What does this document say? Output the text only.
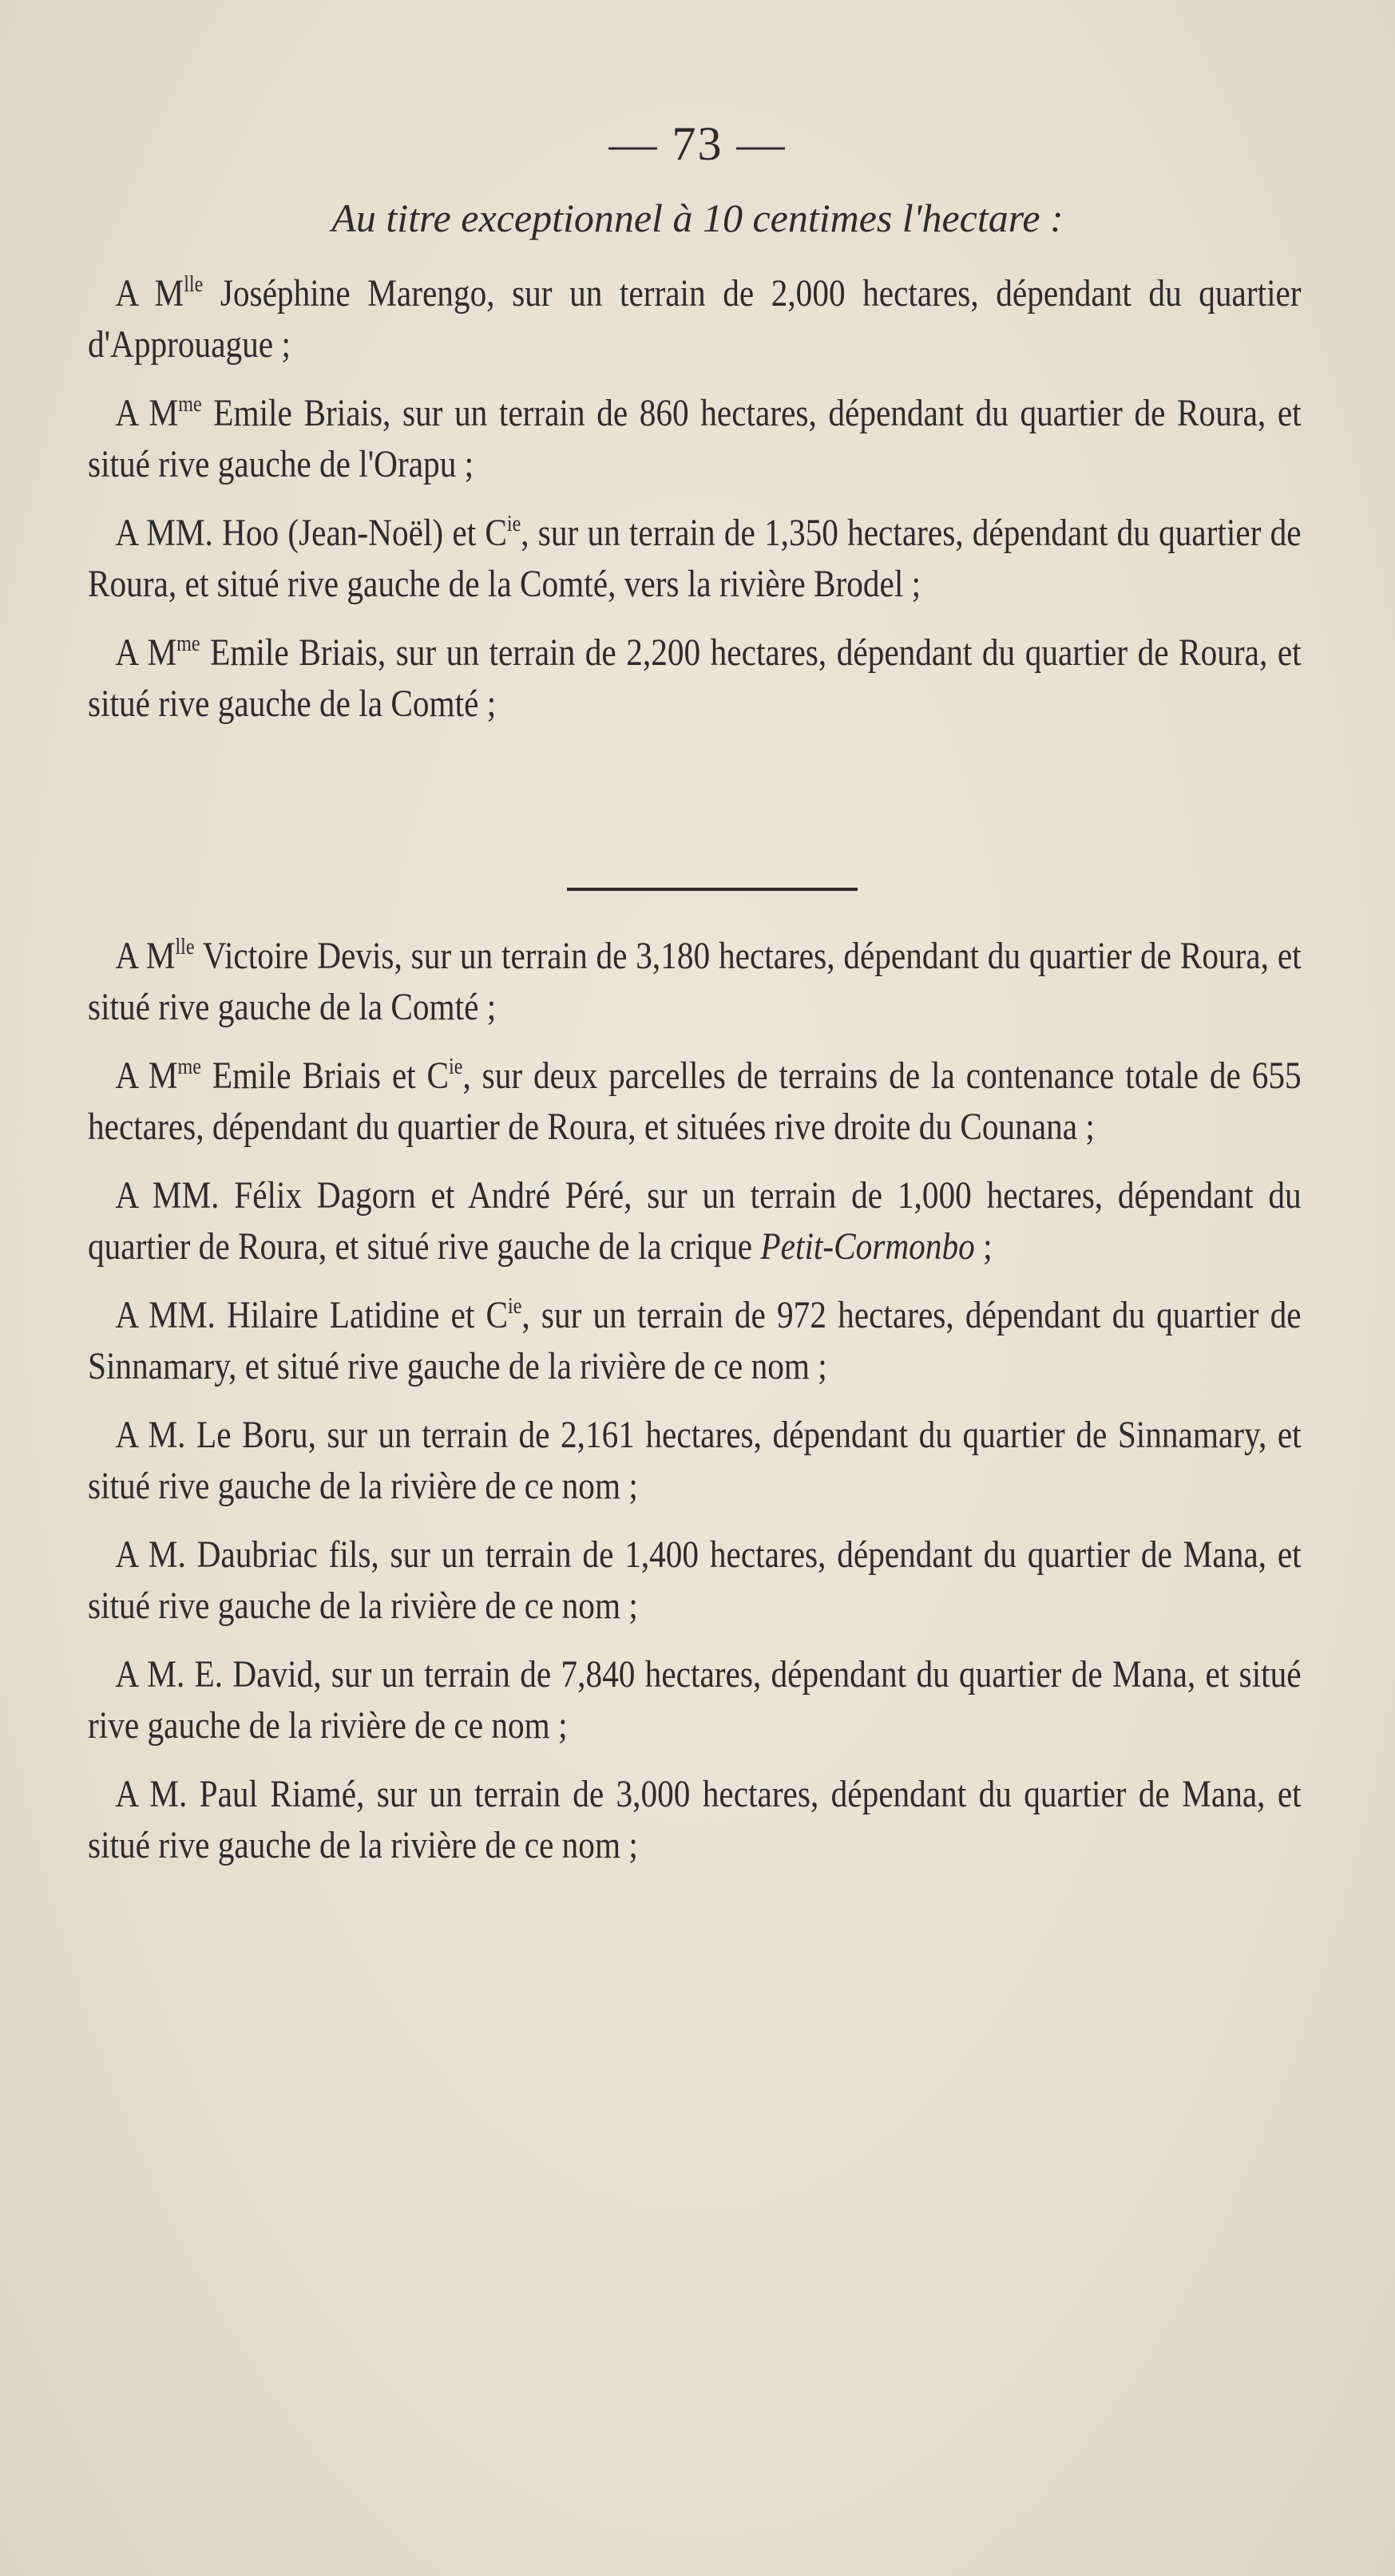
— 73 —
Au titre exceptionnel à 10 centimes l'hectare :

A $M^{lle}$ Joséphine Marengo, sur un terrain de 2,000 hectares, dépendant du quartier d'Approuague ;

A $M^{me}$ Emile Briais, sur un terrain de 860 hectares, dépendant du quartier de Roura, et situé rive gauche de l'Orapu ;

A MM. Hoo (Jean-Noël) et $C^{ie}$, sur un terrain de 1,350 hectares, dépendant du quartier de Roura, et situé rive gauche de la Comté, vers la rivière Brodel ;

A $M^{me}$ Emile Briais, sur un terrain de 2,200 hectares, dépendant du quartier de Roura, et situé rive gauche de la Comté ;

A $M^{lle}$ Victoire Devis, sur un terrain de 3,180 hectares, dépendant du quartier de Roura, et situé rive gauche de la Comté ;

A $M^{me}$ Emile Briais et $C^{ie}$, sur deux parcelles de terrains de la contenance totale de 655 hectares, dépendant du quartier de Roura, et situées rive droite du Counana ;

A MM. Félix Dagorn et André Péré, sur un terrain de 1,000 hectares, dépendant du quartier de Roura, et situé rive gauche de la crique Petit-Cormonbo ;

A MM. Hilaire Latidine et $C^{ie}$, sur un terrain de 972 hectares, dépendant du quartier de Sinnamary, et situé rive gauche de la rivière de ce nom ;

A M. Le Boru, sur un terrain de 2,161 hectares, dépendant du quartier de Sinnamary, et situé rive gauche de la rivière de ce nom ;

A M. Daubriac fils, sur un terrain de 1,400 hectares, dépendant du quartier de Mana, et situé rive gauche de la rivière de ce nom ;

A M. E. David, sur un terrain de 7,840 hectares, dépendant du quartier de Mana, et situé rive gauche de la rivière de ce nom ;

A M. Paul Riamé, sur un terrain de 3,000 hectares, dépendant du quartier de Mana, et situé rive gauche de la rivière de ce nom ;
